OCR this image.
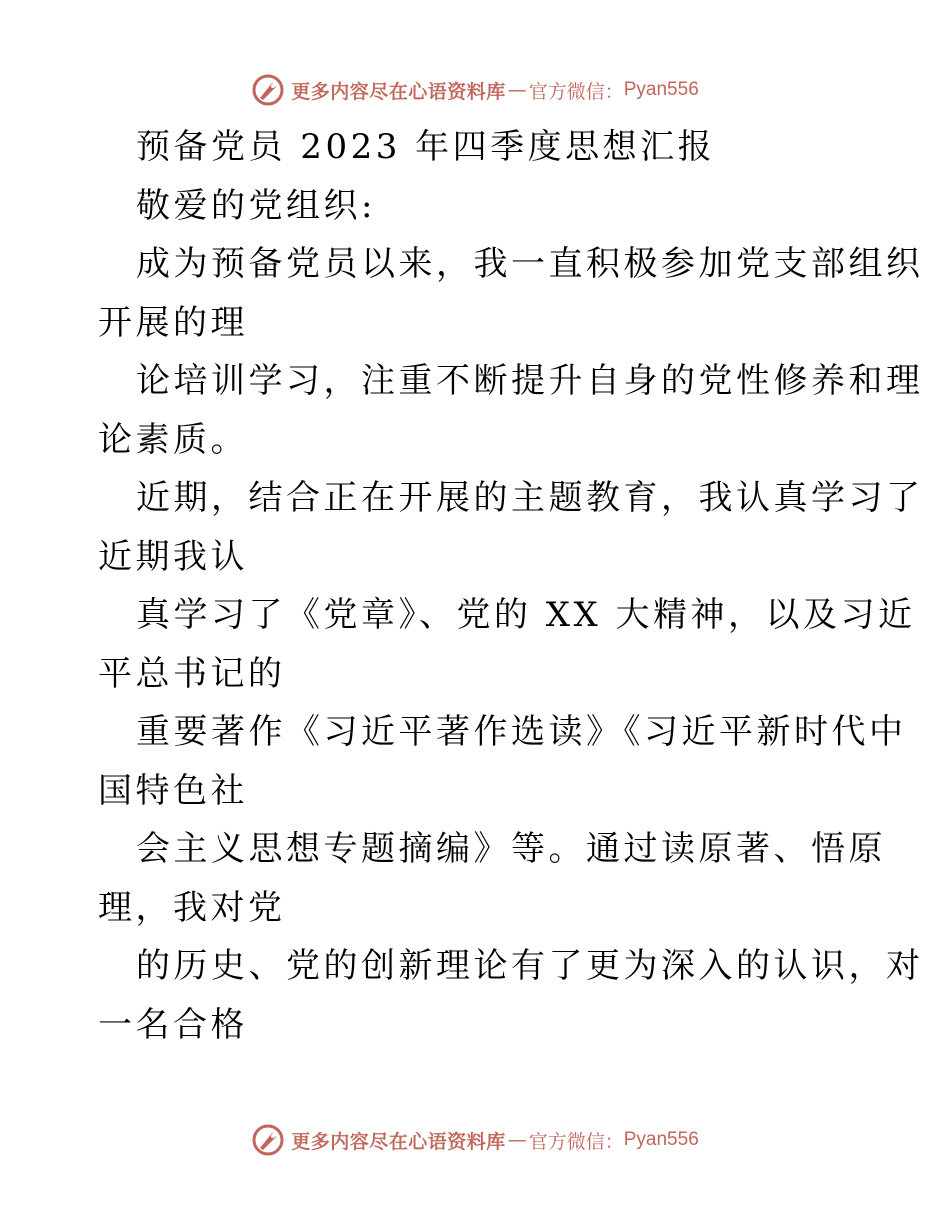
更多内容尽在心语资料库 — 官方微信： Pyan556
预备党员 2023 年四季度思想汇报
敬爱的党组织:
成为预备党员以来，我一直积极参加党支部组织
开展的理
论培训学习，注重不断提升自身的党性修养和理
论素质。
近期，结合正在开展的主题教育，我认真学习了
近期我认
真学习了《党章》、党的 XX 大精神，以及习近
平总书记的
重要著作《习近平著作选读》《习近平新时代中
国特色社
会主义思想专题摘编》等。通过读原著、悟原
理，我对党
的历史、党的创新理论有了更为深入的认识，对
一名合格
更多内容尽在心语资料库 — 官方微信： Pyan556
